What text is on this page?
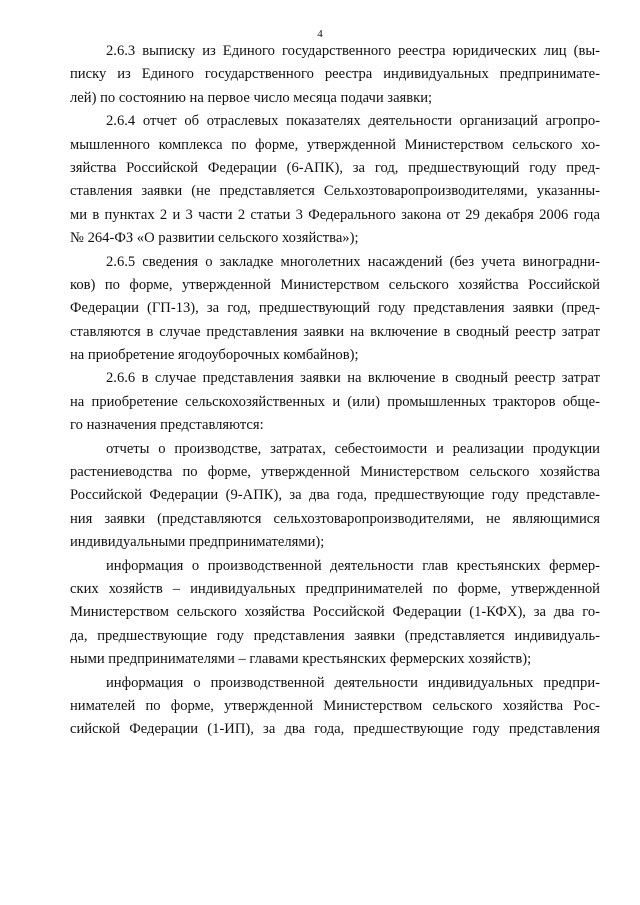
4
2.6.3 выписку из Единого государственного реестра юридических лиц (вы-
писку из Единого государственного реестра индивидуальных предпринимате-
лей) по состоянию на первое число месяца подачи заявки;
2.6.4 отчет об отраслевых показателях деятельности организаций агропро-
мышленного комплекса по форме, утвержденной Министерством сельского хо-
зяйства Российской Федерации (6-АПК), за год, предшествующий году пред-
ставления заявки (не представляется Сельхозтоваропроизводителями, указанны-
ми в пунктах 2 и 3 части 2 статьи 3 Федерального закона от 29 декабря 2006 года
№ 264-ФЗ «О развитии сельского хозяйства»);
2.6.5 сведения о закладке многолетних насаждений (без учета виноградни-
ков) по форме, утвержденной Министерством сельского хозяйства Российской
Федерации (ГП-13), за год, предшествующий году представления заявки (пред-
ставляются в случае представления заявки на включение в сводный реестр затрат
на приобретение ягодоуборочных комбайнов);
2.6.6 в случае представления заявки на включение в сводный реестр затрат
на приобретение сельскохозяйственных и (или) промышленных тракторов обще-
го назначения представляются:
отчеты о производстве, затратах, себестоимости и реализации продукции
растениеводства по форме, утвержденной Министерством сельского хозяйства
Российской Федерации (9-АПК), за два года, предшествующие году представле-
ния заявки (представляются сельхозтоваропроизводителями, не являющимися
индивидуальными предпринимателями);
информация о производственной деятельности глав крестьянских фермер-
ских хозяйств – индивидуальных предпринимателей по форме, утвержденной
Министерством сельского хозяйства Российской Федерации (1-КФХ), за два го-
да, предшествующие году представления заявки (представляется индивидуаль-
ными предпринимателями – главами крестьянских фермерских хозяйств);
информация о производственной деятельности индивидуальных предпри-
нимателей по форме, утвержденной Министерством сельского хозяйства Рос-
сийской Федерации (1-ИП), за два года, предшествующие году представления
